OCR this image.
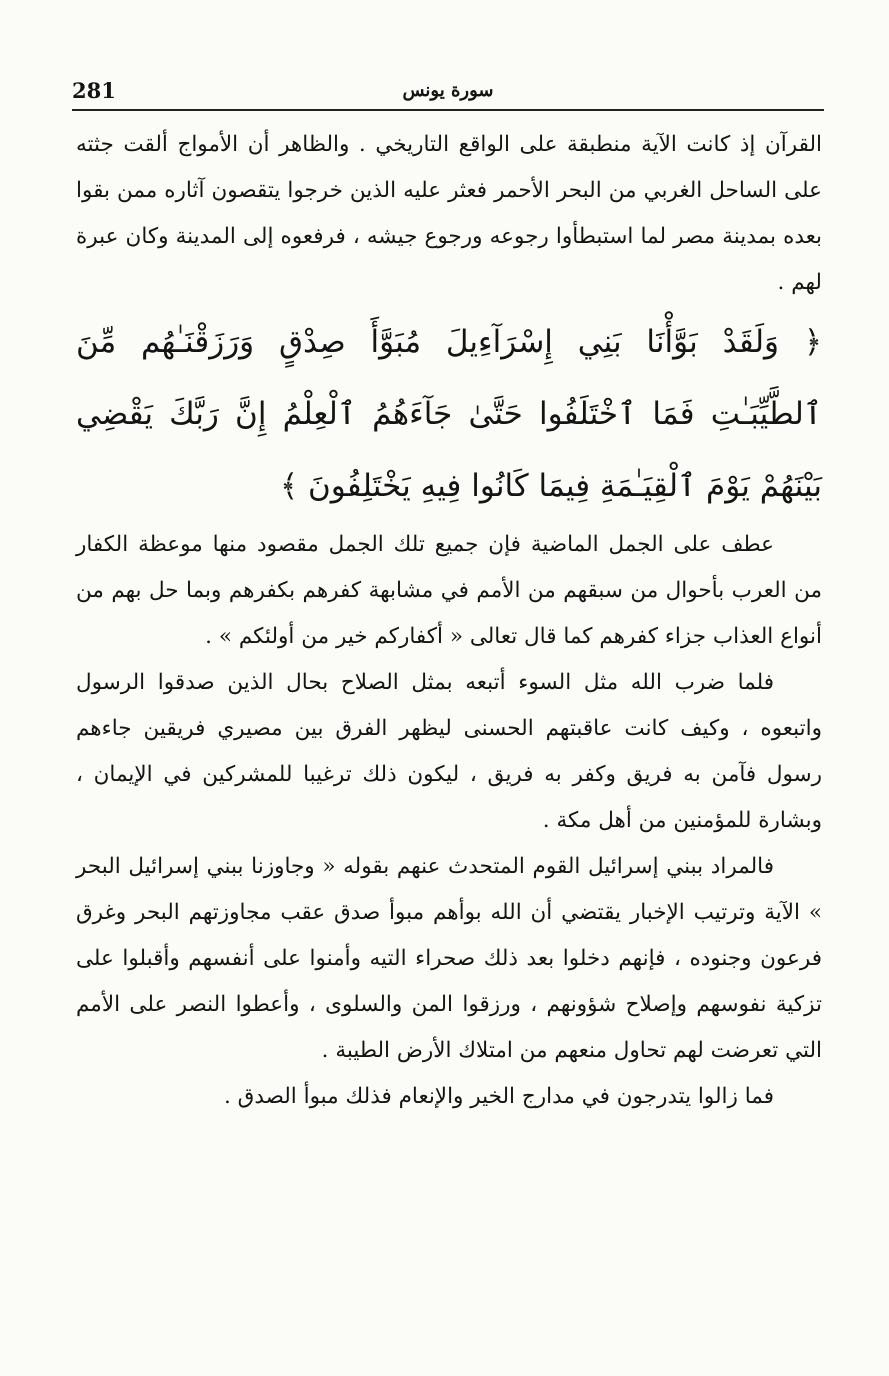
281	سورة يونس

القرآن إذ كانت الآية منطبقة على الواقع التاريخي . والظاهر أن الأمواج ألقت جثته على الساحل الغربي من البحر الأحمر فعثر عليه الذين خرجوا يتقصون آثاره ممن بقوا بعده بمدينة مصر لما استبطأوا رجوعه ورجوع جيشه ، فرفعوه إلى المدينة وكان عبرة لهم .

﴿ وَلَقَدْ بَوَّأْنَا بَنِي إِسْرَآءِيلَ مُبَوَّأَ صِدْقٍ وَرَزَقْنَـٰهُم مِّنَ ٱلطَّيِّبَـٰتِ فَمَا ٱخْتَلَفُوا حَتَّىٰ جَآءَهُمُ ٱلْعِلْمُ إِنَّ رَبَّكَ يَقْضِي بَيْنَهُمْ يَوْمَ ٱلْقِيَـٰمَةِ فِيمَا كَانُوا فِيهِ يَخْتَلِفُونَ ﴾

عطف على الجمل الماضية فإن جميع تلك الجمل مقصود منها موعظة الكفار من العرب بأحوال من سبقهم من الأمم في مشابهة كفرهم بكفرهم وبما حل بهم من أنواع العذاب جزاء كفرهم كما قال تعالى « أكفاركم خير من أولئكم » .

فلما ضرب الله مثل السوء أتبعه بمثل الصلاح بحال الذين صدقوا الرسول واتبعوه ، وكيف كانت عاقبتهم الحسنى ليظهر الفرق بين مصيري فريقين جاءهم رسول فآمن به فريق وكفر به فريق ، ليكون ذلك ترغيبا للمشركين في الإيمان ، وبشارة للمؤمنين من أهل مكة .

فالمراد ببني إسرائيل القوم المتحدث عنهم بقوله « وجاوزنا ببني إسرائيل البحر » الآية وترتيب الإخبار يقتضي أن الله بوأهم مبوأ صدق عقب مجاوزتهم البحر وغرق فرعون وجنوده ، فإنهم دخلوا بعد ذلك صحراء التيه وأمنوا على أنفسهم وأقبلوا على تزكية نفوسهم وإصلاح شؤونهم ، ورزقوا المن والسلوى ، وأعطوا النصر على الأمم التي تعرضت لهم تحاول منعهم من امتلاك الأرض الطيبة .

فما زالوا يتدرجون في مدارج الخير والإنعام فذلك مبوأ الصدق .
